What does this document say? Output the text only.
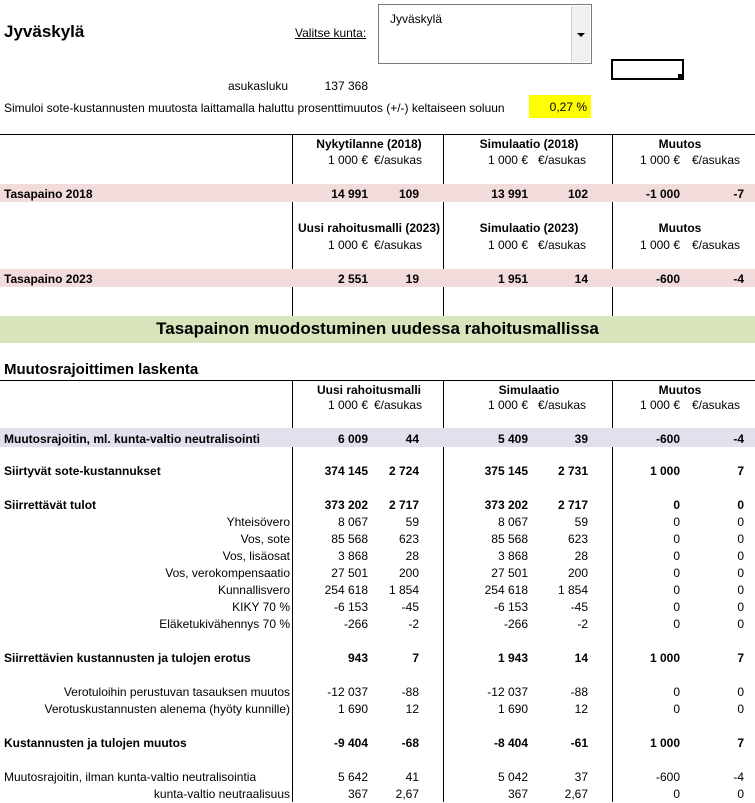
Jyväskylä	Valitse kunta:
Jyväskylä
asukasluku	137 368
Simuloi sote-kustannusten muutosta laittamalla haluttu prosenttimuutos (+/-) keltaiseen soluun	0,27 %
Nykytilanne (2018)	Simulaatio (2018)	Muutos
1 000 € €/asukas	1 000 € €/asukas	1 000 € €/asukas
Tasapaino 2018	14 991	109	13 991	102	-1 000	-7
Uusi rahoitusmalli (2023)	Simulaatio (2023)	Muutos
1 000 € €/asukas	1 000 € €/asukas	1 000 € €/asukas
Tasapaino 2023	2 551	19	1 951	14	-600	-4
Tasapainon muodostuminen uudessa rahoitusmallissa
Muutosrajoittimen laskenta
Uusi rahoitusmalli	Simulaatio	Muutos
1 000 € €/asukas	1 000 € €/asukas	1 000 € €/asukas
Muutosrajoitin, ml. kunta-valtio neutralisointi	6 009	44	5 409	39	-600	-4
Siirtyvät sote-kustannukset	374 145	2 724	375 145	2 731	1 000	7
Siirrettävät tulot	373 202	2 717	373 202	2 717	0	0
Yhteisövero	8 067	59	8 067	59	0	0
Vos, sote	85 568	623	85 568	623	0	0
Vos, lisäosat	3 868	28	3 868	28	0	0
Vos, verokompensaatio	27 501	200	27 501	200	0	0
Kunnallisvero	254 618	1 854	254 618	1 854	0	0
KIKY 70 %	-6 153	-45	-6 153	-45	0	0
Eläketukivähennys 70 %	-266	-2	-266	-2	0	0
Siirrettävien kustannusten ja tulojen erotus	943	7	1 943	14	1 000	7
Verotuloihin perustuvan tasauksen muutos	-12 037	-88	-12 037	-88	0	0
Verotuskustannusten alenema (hyöty kunnille)	1 690	12	1 690	12	0	0
Kustannusten ja tulojen muutos	-9 404	-68	-8 404	-61	1 000	7
Muutosrajoitin, ilman kunta-valtio neutralisointia	5 642	41	5 042	37	-600	-4
kunta-valtio neutraalisuus	367	2,67	367	2,67	0	0
